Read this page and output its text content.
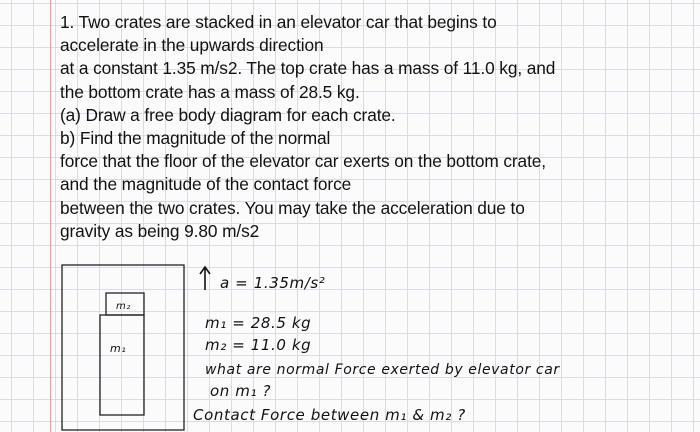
1. Two crates are stacked in an elevator car that begins to
accelerate in the upwards direction
at a constant 1.35 m/s2. The top crate has a mass of 11.0 kg, and
the bottom crate has a mass of 28.5 kg.
(a) Draw a free body diagram for each crate.
b) Find the magnitude of the normal
force that the floor of the elevator car exerts on the bottom crate,
and the magnitude of the contact force
between the two crates. You may take the acceleration due to
gravity as being 9.80 m/s2
m₂
m₁
a = 1.35m/s²
m₁ = 28.5 kg
m₂ = 11.0 kg
what are normal Force exerted by elevator car
on m₁ ?
Contact Force between m₁ & m₂ ?
